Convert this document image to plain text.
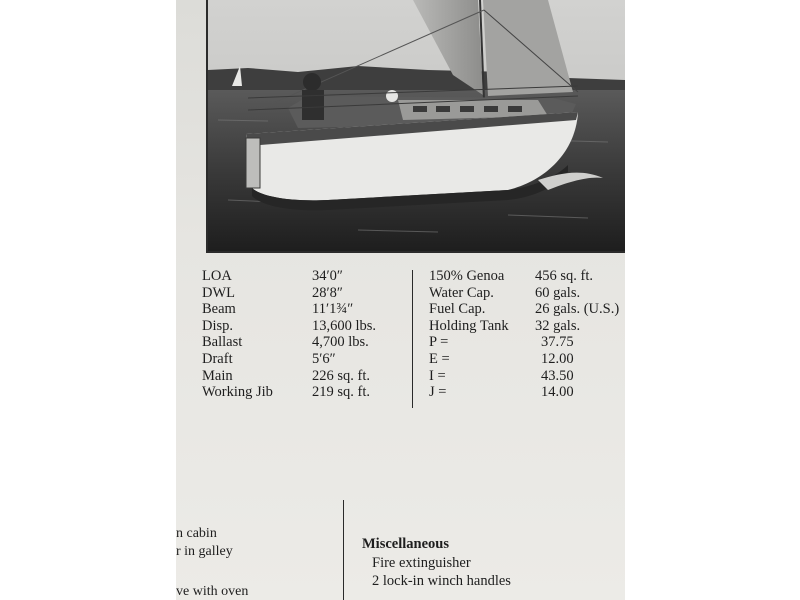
LOA
DWL
Beam
Disp.
Ballast
Draft
Main
Working Jib
34′0″
28′8″
11′1¾″
13,600 lbs.
4,700 lbs.
5′6″
226 sq. ft.
219 sq. ft.
150% Genoa
Water Cap.
Fuel Cap.
Holding Tank
P =
E =
I =
J =
456 sq. ft.
60 gals.
26 gals. (U.S.)
32 gals.
37.75
12.00
43.50
14.00
n cabin
r in galley
ve with oven
Miscellaneous
Fire extinguisher
2 lock-in winch handles
